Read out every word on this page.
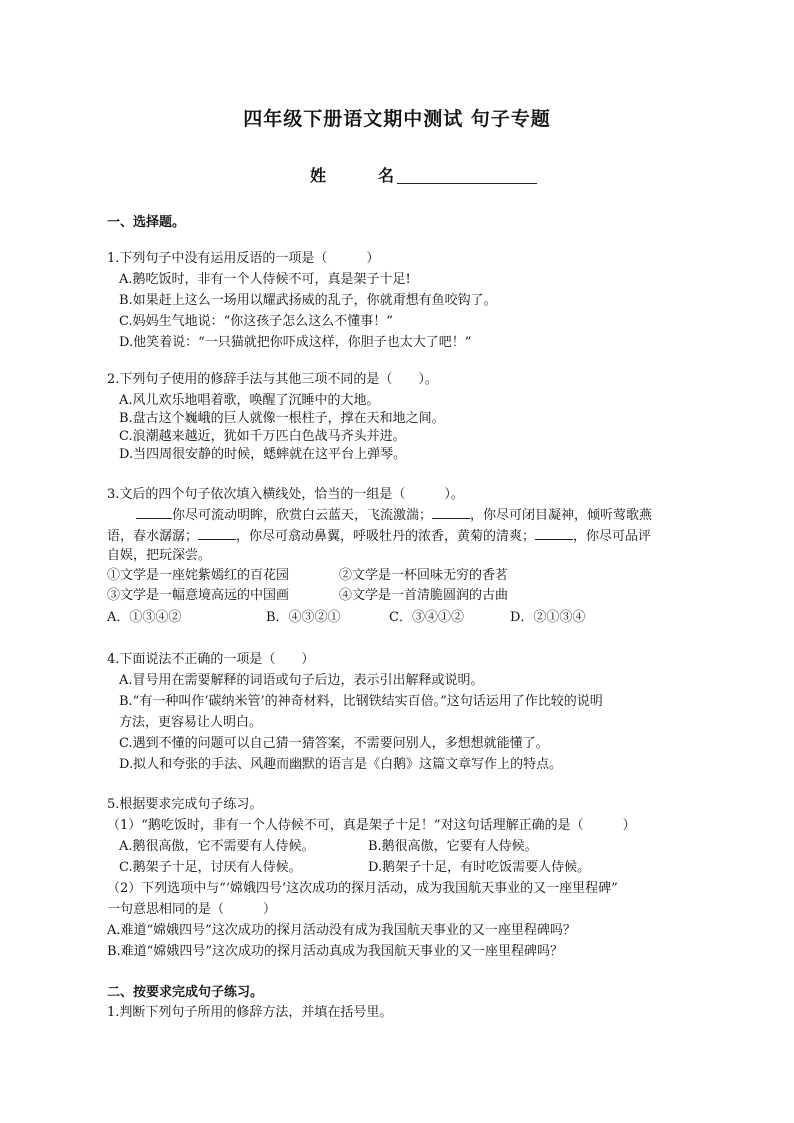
四年级下册语文期中测试 句子专题
姓	名
一、选择题。
1.下列句子中没有运用反语的一项是（　　　）
A.鹅吃饭时，非有一个人侍候不可，真是架子十足!
B.如果赶上这么一场用以耀武扬威的乱子，你就甭想有鱼咬钩了。
C.妈妈生气地说：“你这孩子怎么这么不懂事！”
D.他笑着说：“一只猫就把你吓成这样，你胆子也太大了吧！”
2.下列句子使用的修辞手法与其他三项不同的是（　　）。
A.风儿欢乐地唱着歌，唤醒了沉睡中的大地。
B.盘古这个巍峨的巨人就像一根柱子，撑在天和地之间。
C.浪潮越来越近，犹如千万匹白色战马齐头并进。
D.当四周很安静的时候，蟋蟀就在这平台上弹琴。
3.文后的四个句子依次填入横线处，恰当的一组是（　　　）。
你尽可流动明眸，欣赏白云蓝天，飞流激湍；	，你尽可闭目凝神，倾听莺歌燕
语，春水潺潺；	，你尽可翕动鼻翼，呼吸牡丹的浓香，黄菊的清爽；	，你尽可品评
自娱，把玩深尝。
①文学是一座姹紫嫣红的百花园	②文学是一杯回味无穷的香茗
③文学是一幅意境高远的中国画	④文学是一首清脆圆润的古曲
A．①③④②	B．④③②①	C．③④①②	D．②①③④
4.下面说法不正确的一项是（　　）
A.冒号用在需要解释的词语或句子后边，表示引出解释或说明。
B.“有一种叫作‘碳纳米管’的神奇材料，比钢铁结实百倍。”这句话运用了作比较的说明
方法，更容易让人明白。
C.遇到不懂的问题可以自己猜一猜答案，不需要问别人，多想想就能懂了。
D.拟人和夸张的手法、风趣而幽默的语言是《白鹅》这篇文章写作上的特点。
5.根据要求完成句子练习。
（1）“鹅吃饭时，非有一个人侍候不可，真是架子十足！”对这句话理解正确的是（　　　）
A.鹅很高傲，它不需要有人侍候。	B.鹅很高傲，它要有人侍候。
C.鹅架子十足，讨厌有人侍候。	D.鹅架子十足，有时吃饭需要人侍候。
（2）下列选项中与“‘嫦娥四号’这次成功的探月活动，成为我国航天事业的又一座里程碑”
一句意思相同的是（　　　）
A.难道“嫦娥四号”这次成功的探月活动没有成为我国航天事业的又一座里程碑吗？
B.难道“嫦娥四号”这次成功的探月活动真成为我国航天事业的又一座里程碑吗？
二、按要求完成句子练习。
1.判断下列句子所用的修辞方法，并填在括号里。
